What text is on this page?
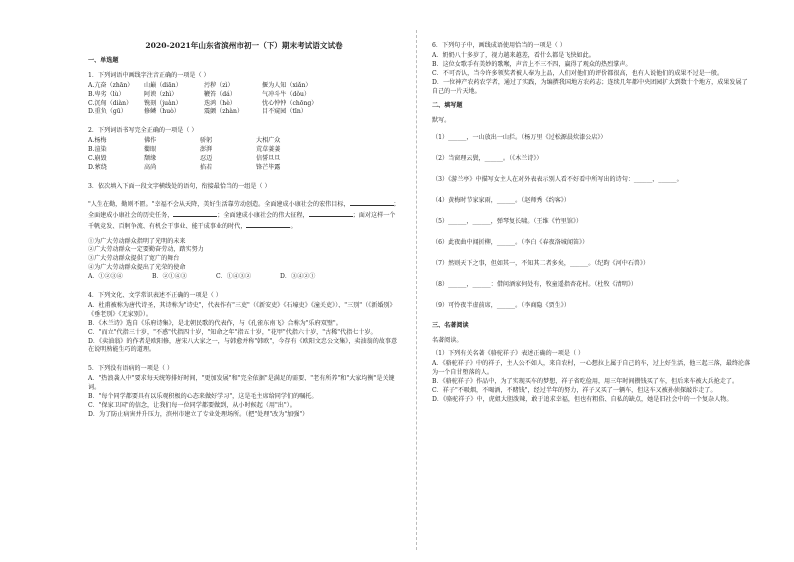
2020-2021年山东省滨州市初一（下）期末考试语文试卷
一、单选题
1．下列词语中画线字注音正确的一项是（ ）
A.亢奋（zhān）	山巅（diān）	污秽（zì）	揠为人知（xiǎn）
B.卑劣（lù）	阿谀（zhì）	鞭笞（dá）	气冲斗牛（dǒu）
C.沉甸（diàn）	镌刻（juàn）	迭鸿（hè）	忧心忡忡（chōng）
D.重负（gū）	修鳞（huò）	震颤（zhàn）	目不窥园（tīn）
2．下列词语书写完全正确的一项是（ ）
A.杨梅	佛作	骄躬	大相广众
B.渲染	衢眼	澎湃	荒草萋萋
C.崩毁	颓缘	忍迈	信誓旦旦
D.萦绕	高尚	掐若	锋芒毕露
3．依次填入下面一段文字横线处的语句，衔接最恰当的一组是（ ）
"人生在勤，勤则不匮。"幸福不会从天降，美好生活靠劳动创造。全面建成小康社会的宏伟目标，	；全面建成小康社会的历史任务，	；全面建成小康社会的伟大征程，	；面对这样一个千帆竞发、百舸争流、有机会干事业、能干成事业的时代，	。
①为广大劳动群众指明了光明的未来
②广大劳动群众一定要勤奋劳动，踏实努力
③广大劳动群众提供了宽广的舞台
④为广大劳动群众提出了光荣的使命
A．①②③④	B．②①④③	C．①④③②	D．③④②①
4．下列文化、文学常识表述不正确的一项是（ ）
A．杜甫被称为唐代诗圣，其诗称为"诗史"，代表作有"三吏"（《新安吏》《石壕吏》《潼关吏》）、"三别"（《新婚别》《垂老别》《无家别》）。
B．《木兰诗》选自《乐府诗集》，是北朝民歌的代表作，与《孔雀东南飞》合称为"乐府双璧"。
C．"而立"代指三十岁，"不惑"代指四十岁，"知命之年"指五十岁，"花甲"代指六十岁，"古稀"代指七十岁。
D．《卖油翁》的作者是欧阳修，唐宋八大家之一，与韩愈并称"韩欧"，今存有《欧阳文忠公文集》，卖油翁的故事意在说明熟能生巧的道理。
5．下列没有语病的一项是（ ）
A．"热浪袭人中"要求每天统筹排好时间，"更加发展"和"完全依据"是满足的需要、"老有所养"和"大家均衡"是关键词。
B．"每个同学都要具有以乐观积极的心态来做好学习"，这是毛主席给同学们的嘱托。
C．"保家卫国"的信念，让我们每一位同学都要做到，从小时候起（用"出"）。
D．为了防止病害并升压力，滨州市建立了专业处理场所。（把"处理"改为"加强"）
6．下列句子中，画线成语使用恰当的一项是（ ）
A．奶奶八十多岁了，视力越来越差，看什么都是飞快如此。
B．这位女歌手有美妙的歌喉，声音上不三不四，赢得了观众的热烈掌声。
C．不可否认，当今许多领奖者被人奉为上品，人们对他们的评价都很高，也有人说他们的成果不过是一般。
D．一位神产农药农学者，通过了实践，为编撰我国地方农药志；连续几年都中央团园扩大到数十个地方，成果发展了自己的一片天地。
二、填写题
默写。
（1）______，一山放出一山拦。（杨万里《过松源晨炊漆公店》）
（2）当窗理云鬓，______。（《木兰诗》）
（3）《游兰亭》中描写女主人在对外表表示别人看不好看中所写出的诗句：______，______。
（4）黄梅时节家家雨，______。（赵师秀《约客》）
（5）______，______，弹琴复长啸。（王维《竹里馆》）
（6）此夜曲中闻折柳，______。（李白《春夜洛城闻笛》）
（7）然则天下之事，但如其一，不知其二者多矣，______。（纪昀《河中石兽》）
（8）______，______：借问酒家何处有，牧童遥指杏花村。（杜牧《清明》）
（9）可怜夜半虚前席，______。（李商隐《贾生》）
三、名著阅读
名著阅读。
（1）下列有关名著《骆驼祥子》表述正确的一项是（ ）
A．《骆驼祥子》中的祥子，主人公不如人，来自农村，一心想拉上属于自己的车，过上好生活，他三起三落，最终沦落为一个自甘堕落的人。
B．《骆驼祥子》作品中，为了实现买车的梦想，祥子省吃俭用，用三年时间攒钱买了车，但后来车被大兵抢走了。
C．祥子"不吸烟，不喝酒，不赌钱"，经过半年的努力，祥子又买了一辆车，但这车又被孙侦探敲诈走了。
D．《骆驼祥子》中，虎姐大胆泼辣，敢于追求幸福，但也有粗俗、自私的缺点，她是旧社会中的一个复杂人物。
